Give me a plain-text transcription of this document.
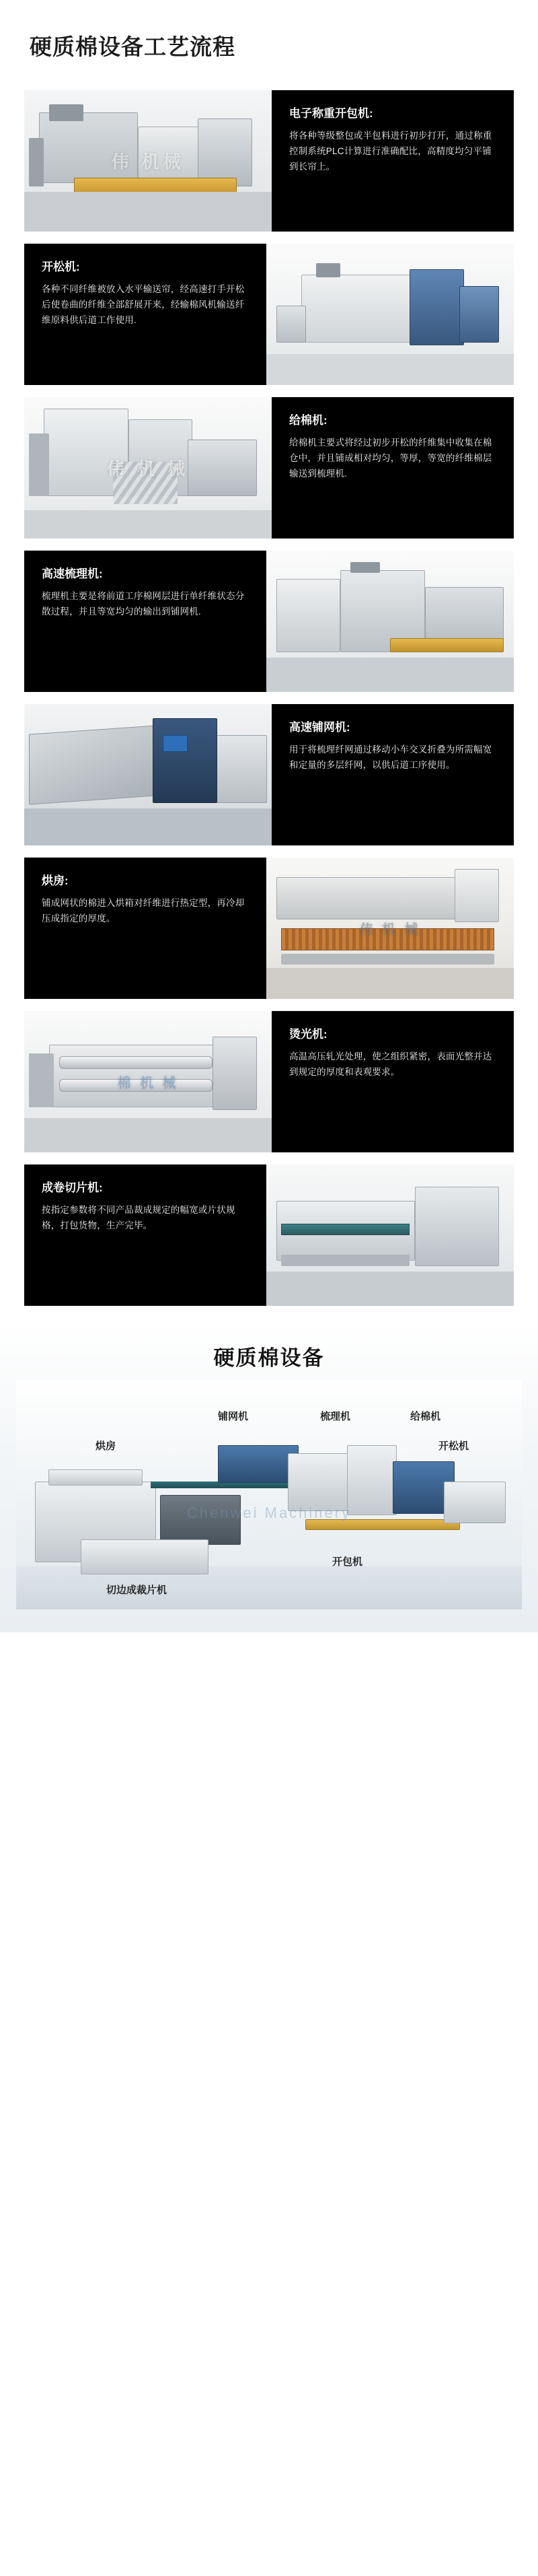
硬质棉设备工艺流程
伟 机械
电子称重开包机:

将各种等级整包或半包料进行初步打开，通过称重控制系统PLC计算进行准确配比，高精度均匀平铺到长帘上。

开松机:

各种不同纤维被放入水平输送帘，经高速打手开松后使卷曲的纤维全部舒展开来，经输棉风机输送纤维原料供后道工作使用.

伟 机 械
给棉机:

给棉机主要式将经过初步开松的纤维集中收集在棉仓中，并且铺成相对均匀，等厚，等宽的纤维棉层输送到梳理机.

高速梳理机:

梳理机主要是将前道工序棉网层进行单纤维状态分散过程，并且等宽均匀的输出到铺网机.

高速铺网机:

用于将梳理纤网通过移动小车交叉折叠为所需幅宽和定量的多层纤网，以供后道工序使用。

烘房:

铺成网状的棉进入烘箱对纤维进行热定型，再冷却压成指定的厚度。

伟 机 械
棉 机 械
烫光机:

高温高压轧光处理，使之组织紧密，表面光整并达到规定的厚度和表观要求。

成卷切片机:

按指定参数将不同产品裁成规定的幅宽或片状规格，打包货物，生产完毕。

硬质棉设备
Chenwei Machinery
铺网机	梳理机	给棉机
开松机
烘房
开包机
切边成裁片机
